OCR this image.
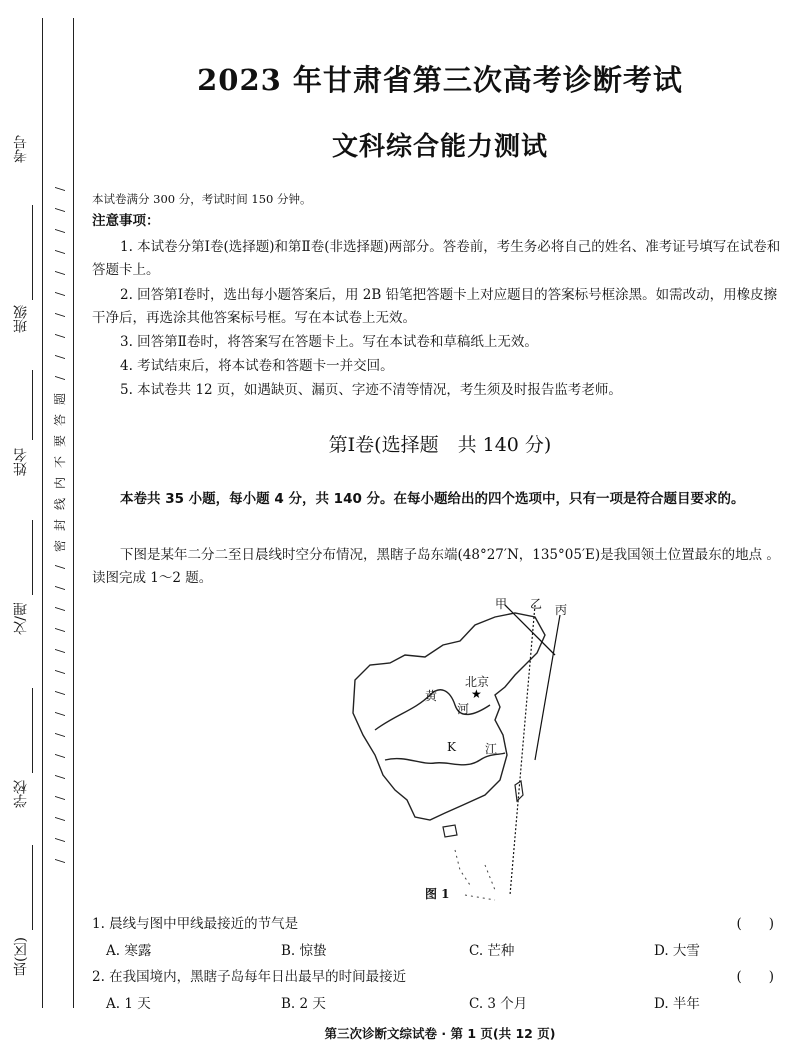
考号
班级
姓名
文/理
学校
县(区)
/
/
/
/
/
/
/
/
/
/
题
答
要
不
内
线
封
密
/
/
/
/
/
/
/
/
/
/
/
/
/
/
/
2023 年甘肃省第三次高考诊断考试
文科综合能力测试
本试卷满分 300 分，考试时间 150 分钟。
注意事项：
1. 本试卷分第Ⅰ卷(选择题)和第Ⅱ卷(非选择题)两部分。答卷前，考生务必将自己的姓名、准考证号填写在试卷和答题卡上。
2. 回答第Ⅰ卷时，选出每小题答案后，用 2B 铅笔把答题卡上对应题目的答案标号框涂黑。如需改动，用橡皮擦干净后，再选涂其他答案标号框。写在本试卷上无效。
3. 回答第Ⅱ卷时，将答案写在答题卡上。写在本试卷和草稿纸上无效。
4. 考试结束后，将本试卷和答题卡一并交回。
5. 本试卷共 12 页，如遇缺页、漏页、字迹不清等情况，考生须及时报告监考老师。
第Ⅰ卷(选择题　共 140 分)
本卷共 35 小题，每小题 4 分，共 140 分。在每小题给出的四个选项中，只有一项是符合题目要求的。
下图是某年二分二至日晨线时空分布情况，黑瞎子岛东端(48°27′N，135°05′E)是我国领土位置最东的地点 。读图完成 1～2 题。
★
甲 乙 丙
北京
黄
河
K 江
图 1
1. 晨线与图中甲线最接近的节气是	(　　)
A. 寒露	B. 惊蛰	C. 芒种	D. 大雪
2. 在我国境内，黑瞎子岛每年日出最早的时间最接近	(　　)
A. 1 天	B. 2 天	C. 3 个月	D. 半年
第三次诊断文综试卷 · 第 1 页(共 12 页)
